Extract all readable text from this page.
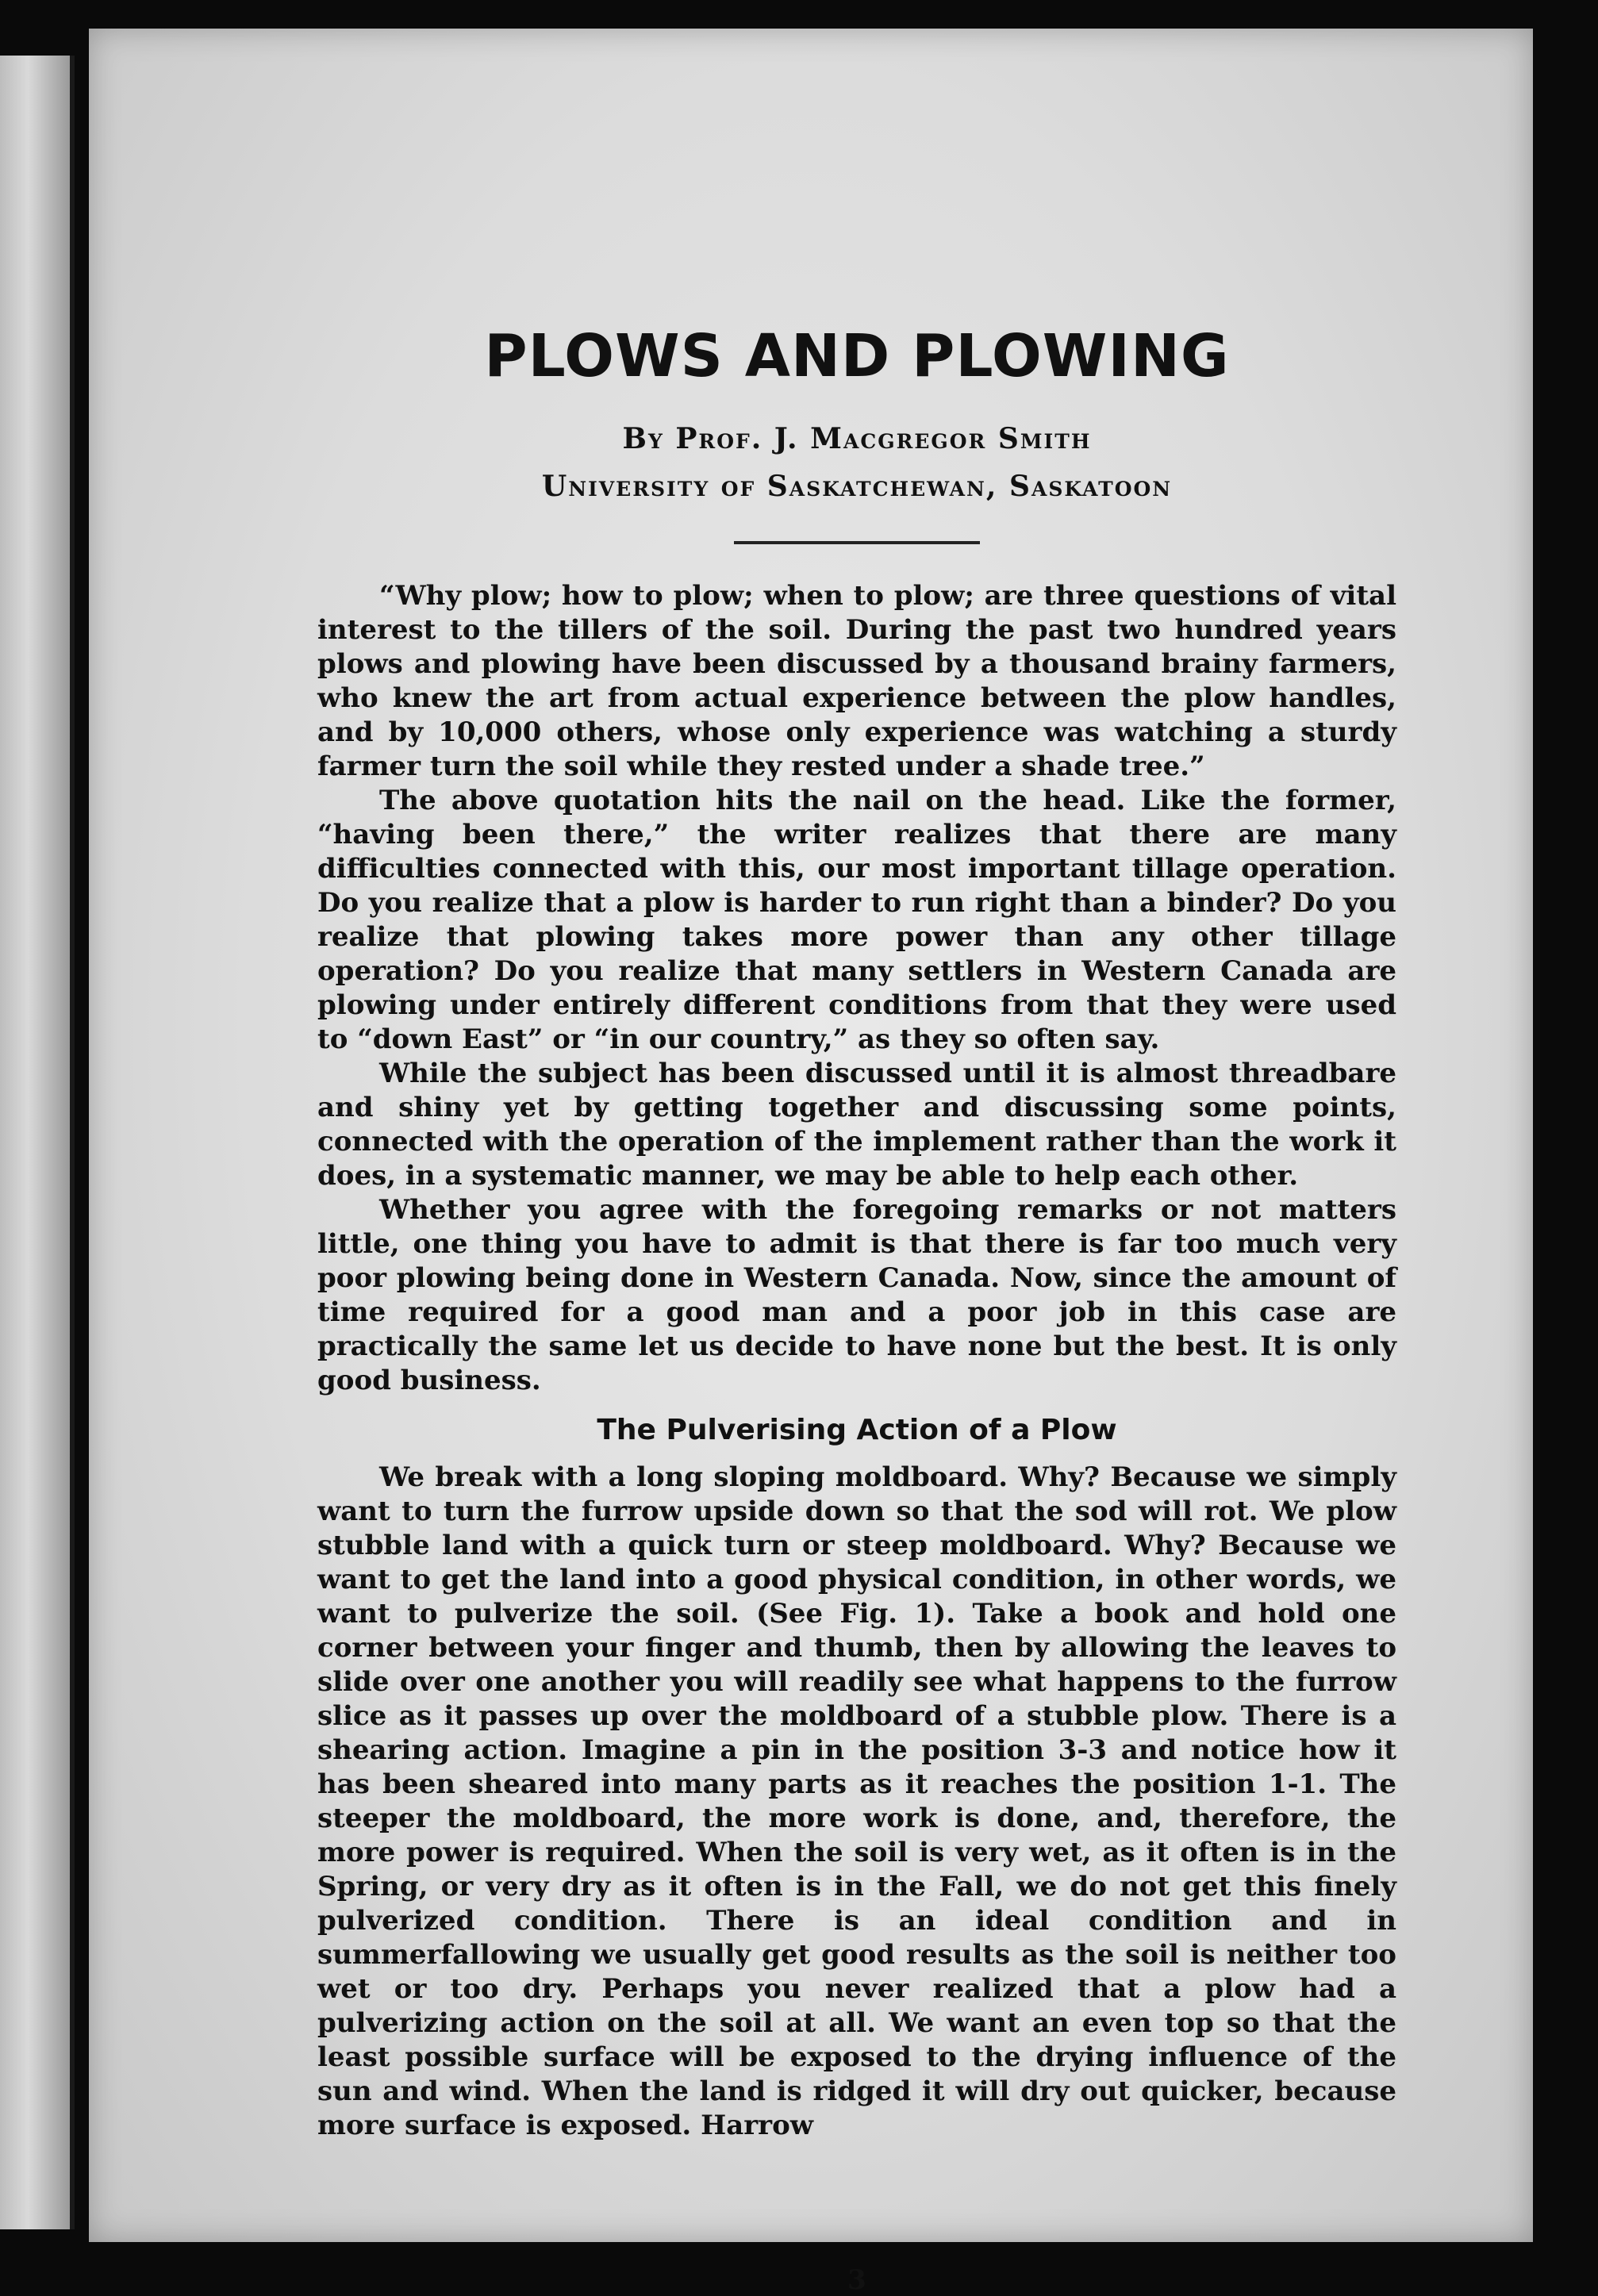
PLOWS AND PLOWING
By Prof. J. Macgregor Smith
University of Saskatchewan, Saskatoon

“Why plow; how to plow; when to plow; are three questions of vital interest to the tillers of the soil. During the past two hundred years plows and plowing have been discussed by a thousand brainy farmers, who knew the art from actual experience between the plow handles, and by 10,000 others, whose only experience was watching a sturdy farmer turn the soil while they rested under a shade tree.”

The above quotation hits the nail on the head. Like the former, “having been there,” the writer realizes that there are many difficulties connected with this, our most important tillage operation. Do you realize that a plow is harder to run right than a binder? Do you realize that plowing takes more power than any other tillage operation? Do you realize that many settlers in Western Canada are plowing under entirely different conditions from that they were used to “down East” or “in our country,” as they so often say.

While the subject has been discussed until it is almost threadbare and shiny yet by getting together and discussing some points, connected with the operation of the implement rather than the work it does, in a systematic manner, we may be able to help each other.

Whether you agree with the foregoing remarks or not matters little, one thing you have to admit is that there is far too much very poor plowing being done in Western Canada. Now, since the amount of time required for a good man and a poor job in this case are practically the same let us decide to have none but the best. It is only good business.

The Pulverising Action of a Plow

We break with a long sloping moldboard. Why? Because we simply want to turn the furrow upside down so that the sod will rot. We plow stubble land with a quick turn or steep moldboard. Why? Because we want to get the land into a good physical condition, in other words, we want to pulverize the soil. (See Fig. 1). Take a book and hold one corner between your finger and thumb, then by allowing the leaves to slide over one another you will readily see what happens to the furrow slice as it passes up over the moldboard of a stubble plow. There is a shearing action. Imagine a pin in the position 3-3 and notice how it has been sheared into many parts as it reaches the position 1-1. The steeper the moldboard, the more work is done, and, therefore, the more power is required. When the soil is very wet, as it often is in the Spring, or very dry as it often is in the Fall, we do not get this finely pulverized condition. There is an ideal condition and in summerfallowing we usually get good results as the soil is neither too wet or too dry. Perhaps you never realized that a plow had a pulverizing action on the soil at all. We want an even top so that the least possible surface will be exposed to the drying influence of the sun and wind. When the land is ridged it will dry out quicker, because more surface is exposed. Harrow

3
